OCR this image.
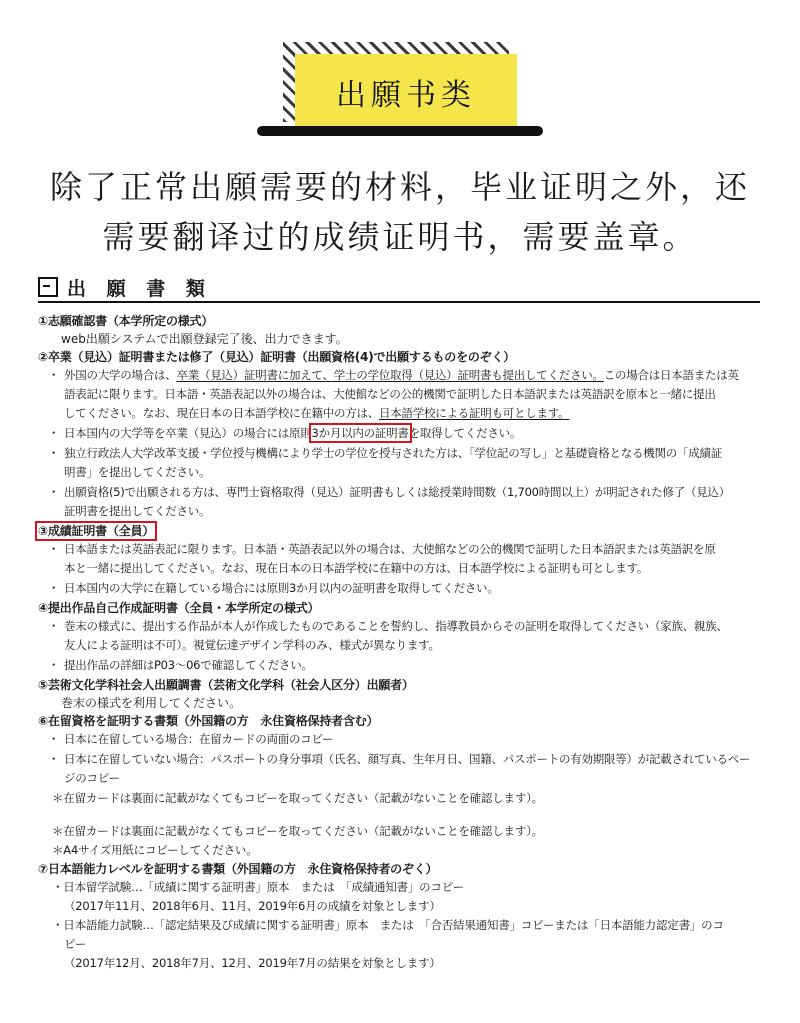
出願书类
除了正常出願需要的材料，毕业证明之外，还
需要翻译过的成绩证明书，需要盖章。
出 願 書 類
①志願確認書（本学所定の様式）
web出願システムで出願登録完了後、出力できます。
②卒業（見込）証明書または修了（見込）証明書（出願資格(4)で出願するものをのぞく）
・ 外国の大学の場合は、卒業（見込）証明書に加えて、学士の学位取得（見込）証明書も提出してください。この場合は日本語または英
語表記に限ります。日本語・英語表記以外の場合は、大使館などの公的機関で証明した日本語訳または英語訳を原本と一緒に提出
してください。なお、現在日本の日本語学校に在籍中の方は、日本語学校による証明も可とします。
・ 日本国内の大学等を卒業（見込）の場合には原則3か月以内の証明書を取得してください。
・ 独立行政法人大学改革支援・学位授与機構により学士の学位を授与された方は、「学位記の写し」と基礎資格となる機関の「成績証
明書」を提出してください。
・ 出願資格(5)で出願される方は、専門士資格取得（見込）証明書もしくは総授業時間数（1,700時間以上）が明記された修了（見込）
証明書を提出してください。
③成績証明書（全員）
・ 日本語または英語表記に限ります。日本語・英語表記以外の場合は、大使館などの公的機関で証明した日本語訳または英語訳を原
本と一緒に提出してください。なお、現在日本の日本語学校に在籍中の方は、日本語学校による証明も可とします。
・ 日本国内の大学に在籍している場合には原則3か月以内の証明書を取得してください。
④提出作品自己作成証明書（全員・本学所定の様式）
・ 巻末の様式に、提出する作品が本人が作成したものであることを誓約し、指導教員からその証明を取得してください（家族、親族、
友人による証明は不可）。視覚伝達デザイン学科のみ、様式が異なります。
・ 提出作品の詳細はP03～06で確認してください。
⑤芸術文化学科社会人出願調書（芸術文化学科（社会人区分）出願者）
巻末の様式を利用してください。
⑥在留資格を証明する書類（外国籍の方　永住資格保持者含む）
・ 日本に在留している場合：在留カードの両面のコピー
・ 日本に在留していない場合：パスポートの身分事項（氏名、顔写真、生年月日、国籍、パスポートの有効期限等）が記載されているペー
ジのコピー
＊在留カードは裏面に記載がなくてもコピーを取ってください（記載がないことを確認します）。
＊在留カードは裏面に記載がなくてもコピーを取ってください（記載がないことを確認します）。
＊A4サイズ用紙にコピーしてください。
⑦日本語能力レベルを証明する書類（外国籍の方　永住資格保持者のぞく）
・日本留学試験…「成績に関する証明書」原本　または　「成績通知書」のコピー
（2017年11月、2018年6月、11月、2019年6月の成績を対象とします）
・日本語能力試験…「認定結果及び成績に関する証明書」原本　または　「合否結果通知書」コピーまたは「日本語能力認定書」のコ
ピー
（2017年12月、2018年7月、12月、2019年7月の結果を対象とします）
